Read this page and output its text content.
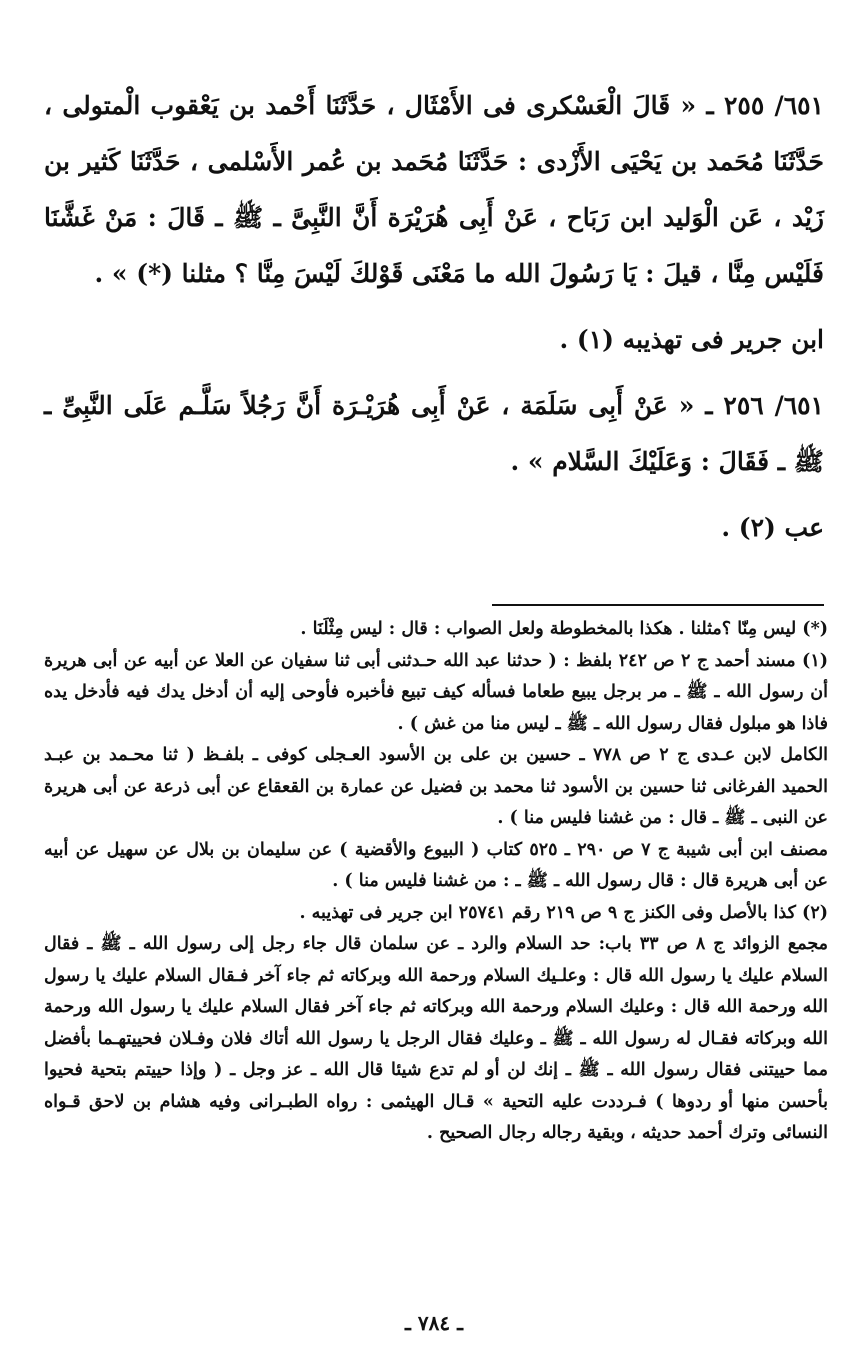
٦٥١/ ٢٥٥ ـ « قَالَ الْعَسْكرى فى الأَمْثَال ، حَدَّثَنَا أَحْمد بن يَعْقوب الْمتولى ، حَدَّثَنَا مُحَمد بن يَحْيَى الأَزْدى : حَدَّثَنَا مُحَمد بن عُمر الأَسْلمى ، حَدَّثَنَا كَثير بن زَيْد ، عَن الْوَليد ابن رَبَاح ، عَنْ أَبِى هُرَيْرَة أَنَّ النَّبِىَّ ـ ﷺ ـ قَالَ : مَنْ غَشَّنَا فَلَيْس مِنَّا ، قيلَ : يَا رَسُولَ الله ما مَعْنَى قَوْلكَ لَيْسَ مِنَّا ؟ مثلنا (*) » .

ابن جرير فى تهذيبه (١) .

٦٥١/ ٢٥٦ ـ « عَنْ أَبِى سَلَمَة ، عَنْ أَبِى هُرَيْـرَة أَنَّ رَجُلاً سَلَّـم عَلَى النَّبِىِّ ـ ﷺ ـ فَقَالَ : وَعَلَيْكَ السَّلام » .

عب (٢) .

(*) ليس مِنّا ؟مثلنا . هكذا بالمخطوطة ولعل الصواب : قال : ليس مِثْلَنَا .

(١) مسند أحمد ج ٢ ص ٢٤٢ بلفظ : ( حدثنا عبد الله حـدثنى أبى ثنا سفيان عن العلا عن أبيه عن أبى هريرة أن رسول الله ـ ﷺ ـ مر برجل يبيع طعاما فسأله كيف تبيع فأخبره فأوحى إليه أن أدخل يدك فيه فأدخل يده فاذا هو مبلول فقال رسول الله ـ ﷺ ـ ليس منا من غش ) .

الكامل لابن عـدى ج ٢ ص ٧٧٨ ـ حسين بن على بن الأسود العـجلى كوفى ـ بلفـظ ( ثنا محـمد بن عبـد الحميد الفرغانى ثنا حسين بن الأسود ثنا محمد بن فضيل عن عمارة بن القعقاع عن أبى ذرعة عن أبى هريرة عن النبى ـ ﷺ ـ قال : من غشنا فليس منا ) .

مصنف ابن أبى شيبة ج ٧ ص ٢٩٠ ـ ٥٢٥ كتاب ( البيوع والأقضية ) عن سليمان بن بلال عن سهيل عن أبيه عن أبى هريرة قال : قال رسول الله ـ ﷺ ـ : من غشنا فليس منا ) .

(٢) كذا بالأصل وفى الكنز ج ٩ ص ٢١٩ رقم ٢٥٧٤١ ابن جرير فى تهذيبه .

مجمع الزوائد ج ٨ ص ٣٣ باب: حد السلام والرد ـ عن سلمان قال جاء رجل إلى رسول الله ـ ﷺ ـ فقال السلام عليك يا رسول الله قال : وعلـيك السلام ورحمة الله وبركاته ثم جاء آخر فـقال السلام عليك يا رسول الله ورحمة الله قال : وعليك السلام ورحمة الله وبركاته ثم جاء آخر فقال السلام عليك يا رسول الله ورحمة الله وبركاته فقـال له رسول الله ـ ﷺ ـ وعليك فقال الرجل يا رسول الله أتاك فلان وفـلان فحييتهـما بأفضل مما حييتنى فقال رسول الله ـ ﷺ ـ إنك لن أو لم تدع شيئا قال الله ـ عز وجل ـ ( وإذا حييتم بتحية فحيوا بأحسن منها أو ردوها ) فـرددت عليه التحية » قـال الهيثمى : رواه الطبـرانى وفيه هشام بن لاحق قـواه النسائى وترك أحمد حديثه ، وبقية رجاله رجال الصحيح .

ـ ٧٨٤ ـ
